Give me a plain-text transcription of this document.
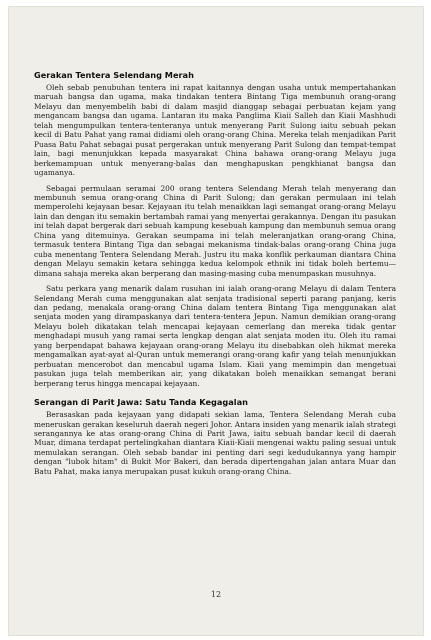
Gerakan Tentera Selendang Merah

Oleh sebab penubuhan tentera ini rapat kaitannya dengan usaha untuk mempertahankan maruah bangsa dan ugama, maka tindakan tentera Bintang Tiga membunuh orang-orang Melayu dan menyembelih babi di dalam masjid dianggap sebagai perbuatan kejam yang mengancam bangsa dan ugama. Lantaran itu maka Panglima Kiaii Salleh dan Kiaii Mashhudi telah mengumpulkan tentera-tenteranya untuk menyerang Parit Sulong iaitu sebuah pekan kecil di Batu Pahat yang ramai didiami oleh orang-orang China. Mereka telah menjadikan Parit Puasa Batu Pahat sebagai pusat pergerakan untuk menyerang Parit Sulong dan tempat-tempat lain, bagi menunjukkan kepada masyarakat China bahawa orang-orang Melayu juga berkemampuan untuk menyerang-balas dan menghapuskan pengkhianat bangsa dan ugamanya.

Sebagai permulaan seramai 200 orang tentera Selendang Merah telah menyerang dan membunuh semua orang-orang China di Parit Sulong; dan gerakan permulaan ini telah memperolehi kejayaan besar. Kejayaan itu telah menaikkan lagi semangat orang-orang Melayu lain dan dengan itu semakin bertambah ramai yang menyertai gerakannya. Dengan itu pasukan ini telah dapat bergerak dari sebuah kampung kesebuah kampung dan membunuh semua orang China yang ditemuinya. Gerakan seumpama ini telah meleranjatkan orang-orang China, termasuk tentera Bintang Tiga dan sebagai mekanisma tindak-balas orang-orang China juga cuba menentang Tentera Selendang Merah. Justru itu maka konflik perkauman diantara China dengan Melayu semakin ketara sehingga kedua kelompok ethnik ini tidak boleh bertemu—dimana sahaja mereka akan berperang dan masing-masing cuba menumpaskan musuhnya.

Satu perkara yang menarik dalam rusuhan ini ialah orang-orang Melayu di dalam Tentera Selendang Merah cuma menggunakan alat senjata tradisional seperti parang panjang, keris dan pedang, menakala orang-orang China dalam tentera Bintang Tiga menggunakan alat senjata moden yang dirampaskanya dari tentera-tentera Jepun. Namun demikian orang-orang Melayu boleh dikatakan telah mencapai kejayaan cemerlang dan mereka tidak gentar menghadapi musuh yang ramai serta lengkap dengan alat senjata moden itu. Oleh itu ramai yang berpendapat bahawa kejayaan orang-orang Melayu itu disebabkan oleh hikmat mereka mengamalkan ayat-ayat al-Quran untuk memerangi orang-orang kafir yang telah menunjukkan perbuatan mencerobot dan mencabul ugama Islam. Kiaii yang memimpin dan mengetuai pasukan juga telah memberikan air, yang dikatakan boleh menaikkan semangat berani berperang terus hingga mencapai kejayaan.

Serangan di Parit Jawa: Satu Tanda Kegagalan

Berasaskan pada kejayaan yang didapati sekian lama, Tentera Selendang Merah cuba meneruskan gerakan keseluruh daerah negeri Johor. Antara insiden yang menarik ialah strategi serangannya ke atas orang-orang China di Parit Jawa, iaitu sebuah bandar kecil di daerah Muar, dimana terdapat pertelingkahan diantara Kiaii-Kiaii mengenai waktu paling sesuai untuk memulakan serangan. Oleh sebab bandar ini penting dari segi kedudukannya yang hampir dengan "lubok hitam" di Bukit Mor Bakeri, dan berada dipertengahan jalan antara Muar dan Batu Pahat, maka ianya merupakan pusat kukuh orang-orang China.

12
